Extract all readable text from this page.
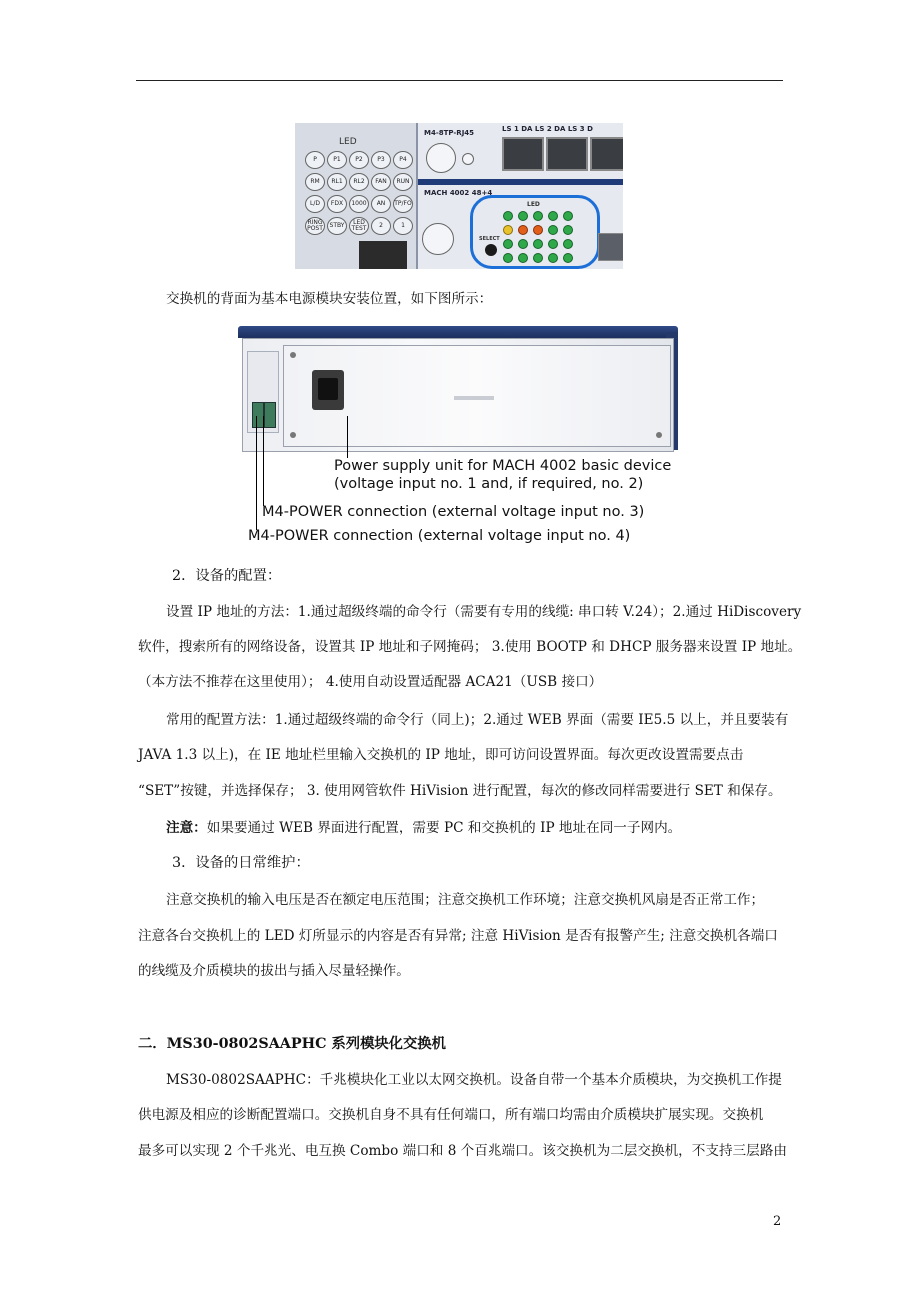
LED
P	P1	P2	P3	P4
RM	RL1	RL2	FAN	RUN
L/D	FDX	1000	AN	TP/FO
RING POST	STBY	LED TEST	2	1
M4-8TP-RJ45	LS 1 DA LS 2 DA LS 3 D
MACH 4002 48+4
LED
SELECT
交换机的背面为基本电源模块安装位置，如下图所示：
Power supply unit for MACH 4002 basic device
(voltage input no. 1 and, if required, no. 2)
M4-POWER connection (external voltage input no. 3)
M4-POWER connection (external voltage input no. 4)
2．设备的配置：
设置 IP 地址的方法：1.通过超级终端的命令行（需要有专用的线缆: 串口转 V.24）；2.通过 HiDiscovery
软件，搜索所有的网络设备，设置其 IP 地址和子网掩码； 3.使用 BOOTP 和 DHCP 服务器来设置 IP 地址。
（本方法不推荐在这里使用）； 4.使用自动设置适配器 ACA21（USB 接口）
常用的配置方法：1.通过超级终端的命令行（同上)；2.通过 WEB 界面（需要 IE5.5 以上，并且要装有
JAVA 1.3 以上)，在 IE 地址栏里输入交换机的 IP 地址，即可访问设置界面。每次更改设置需要点击
“SET”按键，并选择保存； 3. 使用网管软件 HiVision 进行配置，每次的修改同样需要进行 SET 和保存。
注意：如果要通过 WEB 界面进行配置，需要 PC 和交换机的 IP 地址在同一子网内。
3．设备的日常维护：
注意交换机的输入电压是否在额定电压范围；注意交换机工作环境；注意交换机风扇是否正常工作；
注意各台交换机上的 LED 灯所显示的内容是否有异常; 注意 HiVision 是否有报警产生; 注意交换机各端口
的线缆及介质模块的拔出与插入尽量轻操作。
二．MS30-0802SAAPHC 系列模块化交换机
MS30-0802SAAPHC：千兆模块化工业以太网交换机。设备自带一个基本介质模块，为交换机工作提
供电源及相应的诊断配置端口。交换机自身不具有任何端口，所有端口均需由介质模块扩展实现。交换机
最多可以实现 2 个千兆光、电互换 Combo 端口和 8 个百兆端口。该交换机为二层交换机，不支持三层路由
2
